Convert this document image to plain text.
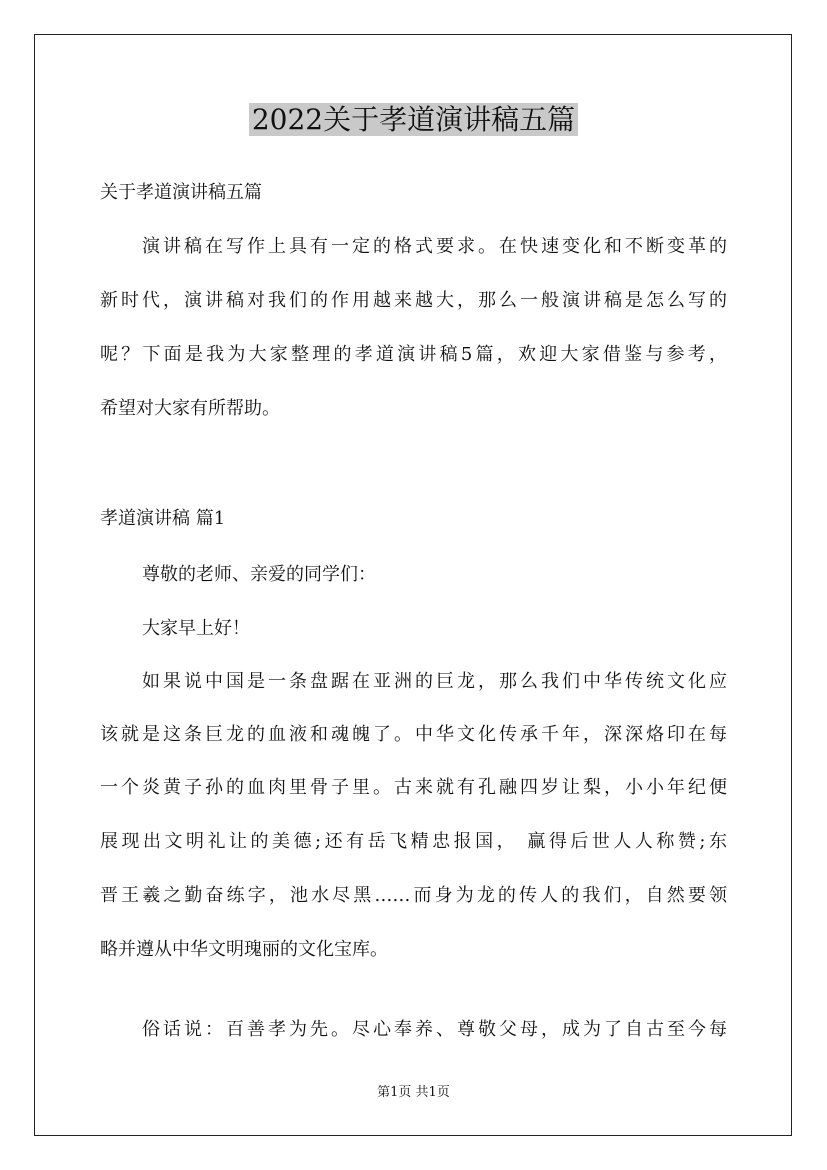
2022关于孝道演讲稿五篇
关于孝道演讲稿五篇
演讲稿在写作上具有一定的格式要求。在快速变化和不断变革的
新时代，演讲稿对我们的作用越来越大，那么一般演讲稿是怎么写的
呢？下面是我为大家整理的孝道演讲稿5篇，欢迎大家借鉴与参考，
希望对大家有所帮助。
孝道演讲稿 篇1
尊敬的老师、亲爱的同学们：
大家早上好！
如果说中国是一条盘踞在亚洲的巨龙，那么我们中华传统文化应
该就是这条巨龙的血液和魂魄了。中华文化传承千年，深深烙印在每
一个炎黄子孙的血肉里骨子里。古来就有孔融四岁让梨，小小年纪便
展现出文明礼让的美德;还有岳飞精忠报国， 赢得后世人人称赞;东
晋王羲之勤奋练字，池水尽黑……而身为龙的传人的我们，自然要领
略并遵从中华文明瑰丽的文化宝库。
俗话说：百善孝为先。尽心奉养、尊敬父母，成为了自古至今每
第1页 共1页
